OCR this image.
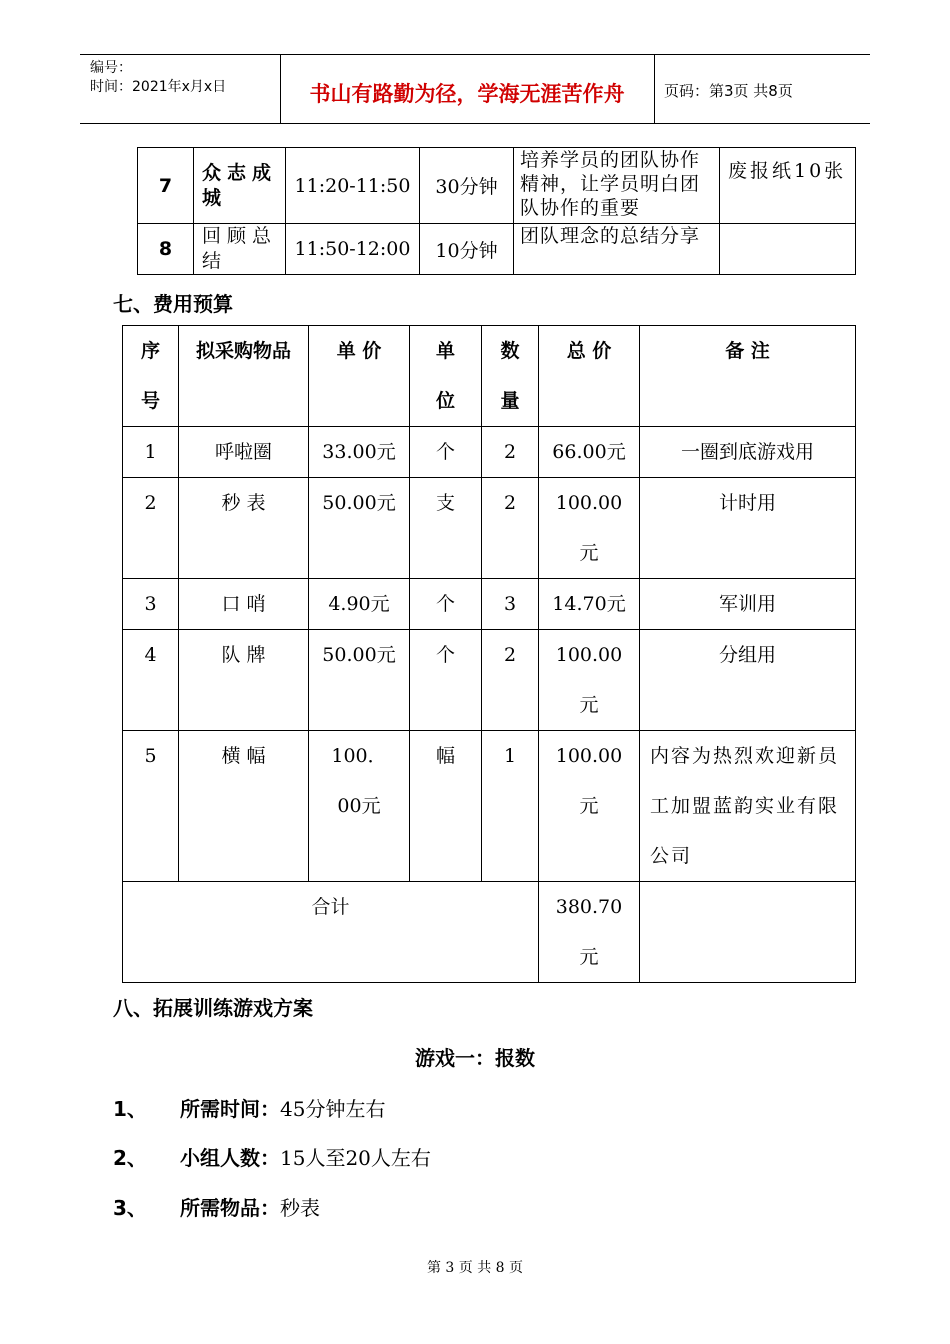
编号：
时间：2021年x月x日	书山有路勤为径，学海无涯苦作舟	页码：第3页 共8页
7	众志成城	11:20-11:50	30分钟	培养学员的团队协作精神，让学员明白团队协作的重要	废报纸10张
8	回顾总结	11:50-12:00	10分钟	团队理念的总结分享	
七、费用预算
序号	拟采购物品	单 价	单位	数量	总 价	备 注
1	呼啦圈	33.00元	个	2	66.00元	一圈到底游戏用
2	秒 表	50.00元	支	2	100.00元	计时用
3	口 哨	4.90元	个	3	14.70元	军训用
4	队 牌	50.00元	个	2	100.00元	分组用
5	横 幅	100．00元	幅	1	100.00元	内容为热烈欢迎新员工加盟蓝韵实业有限公司
合计					380.70元	
八、拓展训练游戏方案
游戏一：报数
1、 所需时间：45分钟左右
2、 小组人数：15人至20人左右
3、 所需物品：秒表
第 3 页 共 8 页
